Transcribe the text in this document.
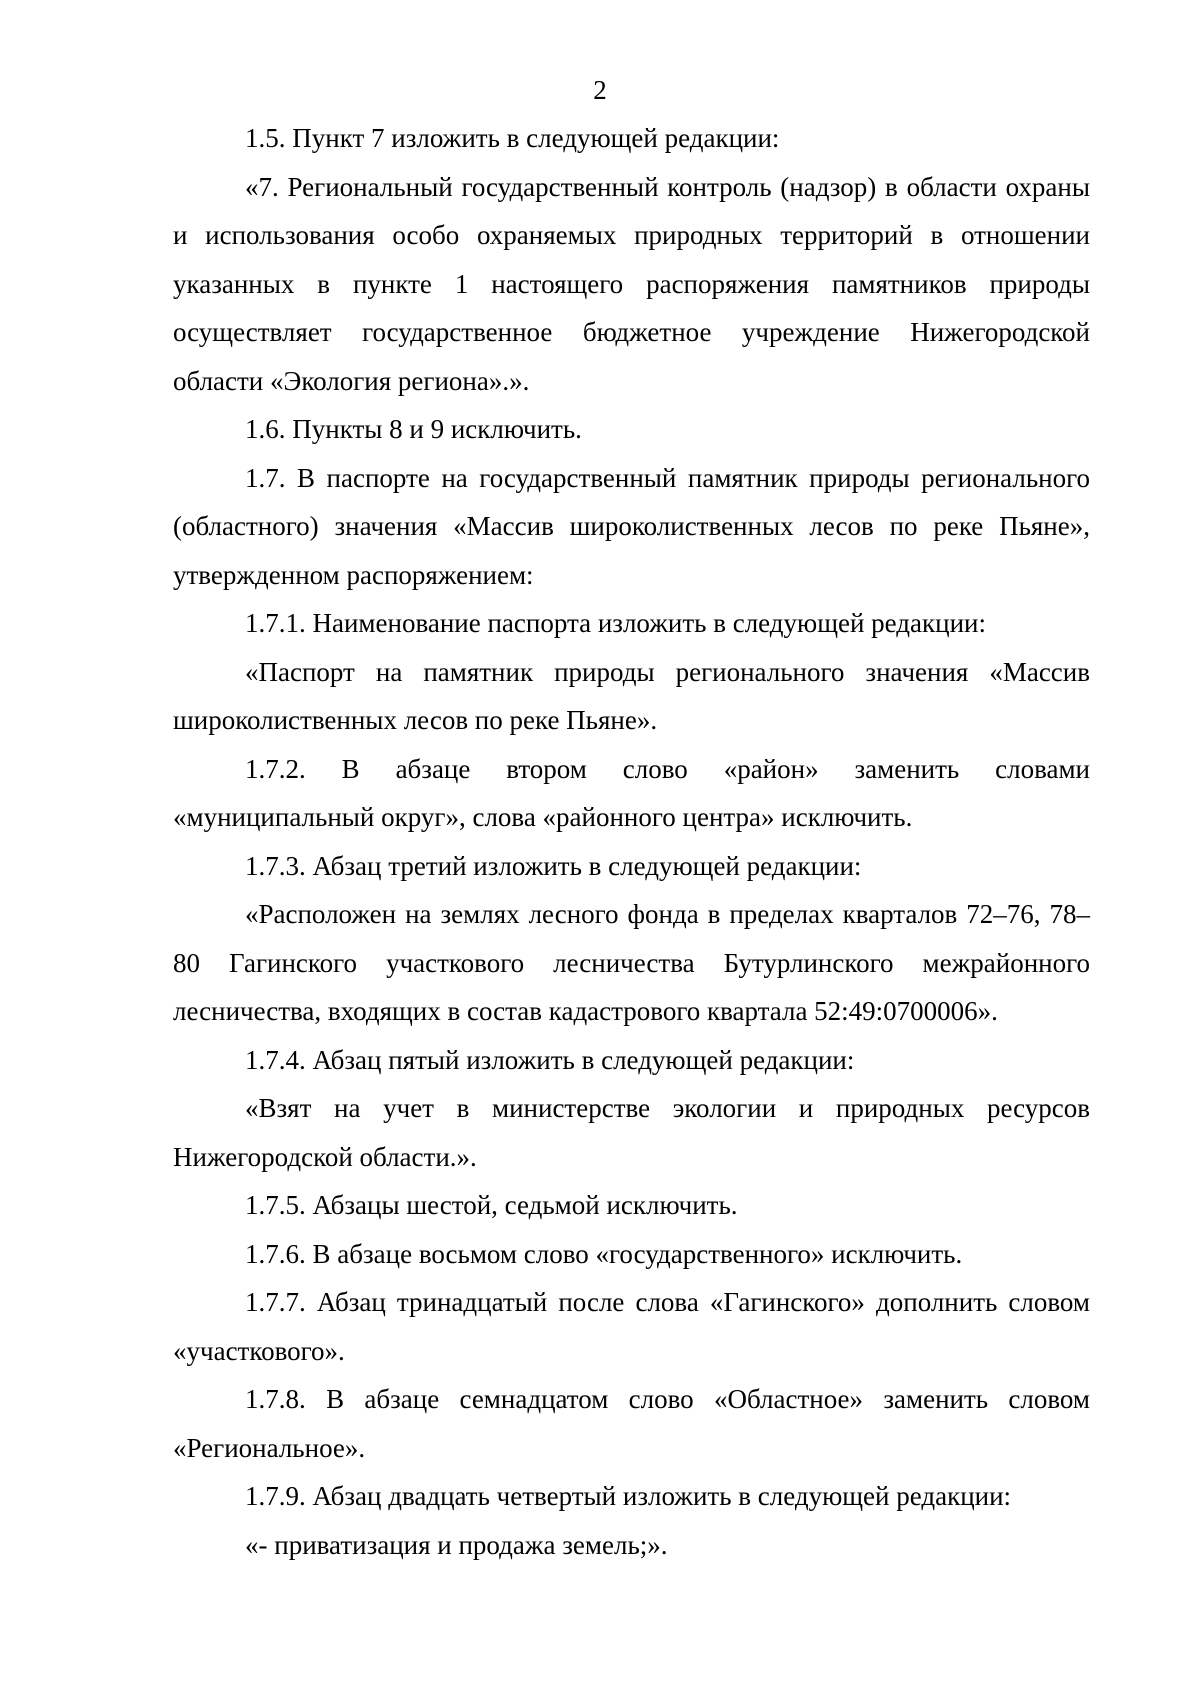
2

1.5. Пункт 7 изложить в следующей редакции:

«7. Региональный государственный контроль (надзор) в области охраны и использования особо охраняемых природных территорий в отношении указанных в пункте 1 настоящего распоряжения памятников природы осуществляет государственное бюджетное учреждение Нижегородской области «Экология региона».».

1.6. Пункты 8 и 9 исключить.

1.7. В паспорте на государственный памятник природы регионального (областного) значения «Массив широколиственных лесов по реке Пьяне», утвержденном распоряжением:

1.7.1. Наименование паспорта изложить в следующей редакции:

«Паспорт на памятник природы регионального значения «Массив широколиственных лесов по реке Пьяне».

1.7.2. В абзаце втором слово «район» заменить словами «муниципальный округ», слова «районного центра» исключить.

1.7.3. Абзац третий изложить в следующей редакции:

«Расположен на землях лесного фонда в пределах кварталов 72–76, 78–80 Гагинского участкового лесничества Бутурлинского межрайонного лесничества, входящих в состав кадастрового квартала 52:49:0700006».

1.7.4. Абзац пятый изложить в следующей редакции:

«Взят на учет в министерстве экологии и природных ресурсов Нижегородской области.».

1.7.5. Абзацы шестой, седьмой исключить.

1.7.6. В абзаце восьмом слово «государственного» исключить.

1.7.7. Абзац тринадцатый после слова «Гагинского» дополнить словом «участкового».

1.7.8. В абзаце семнадцатом слово «Областное» заменить словом «Региональное».

1.7.9. Абзац двадцать четвертый изложить в следующей редакции:

«- приватизация и продажа земель;».
